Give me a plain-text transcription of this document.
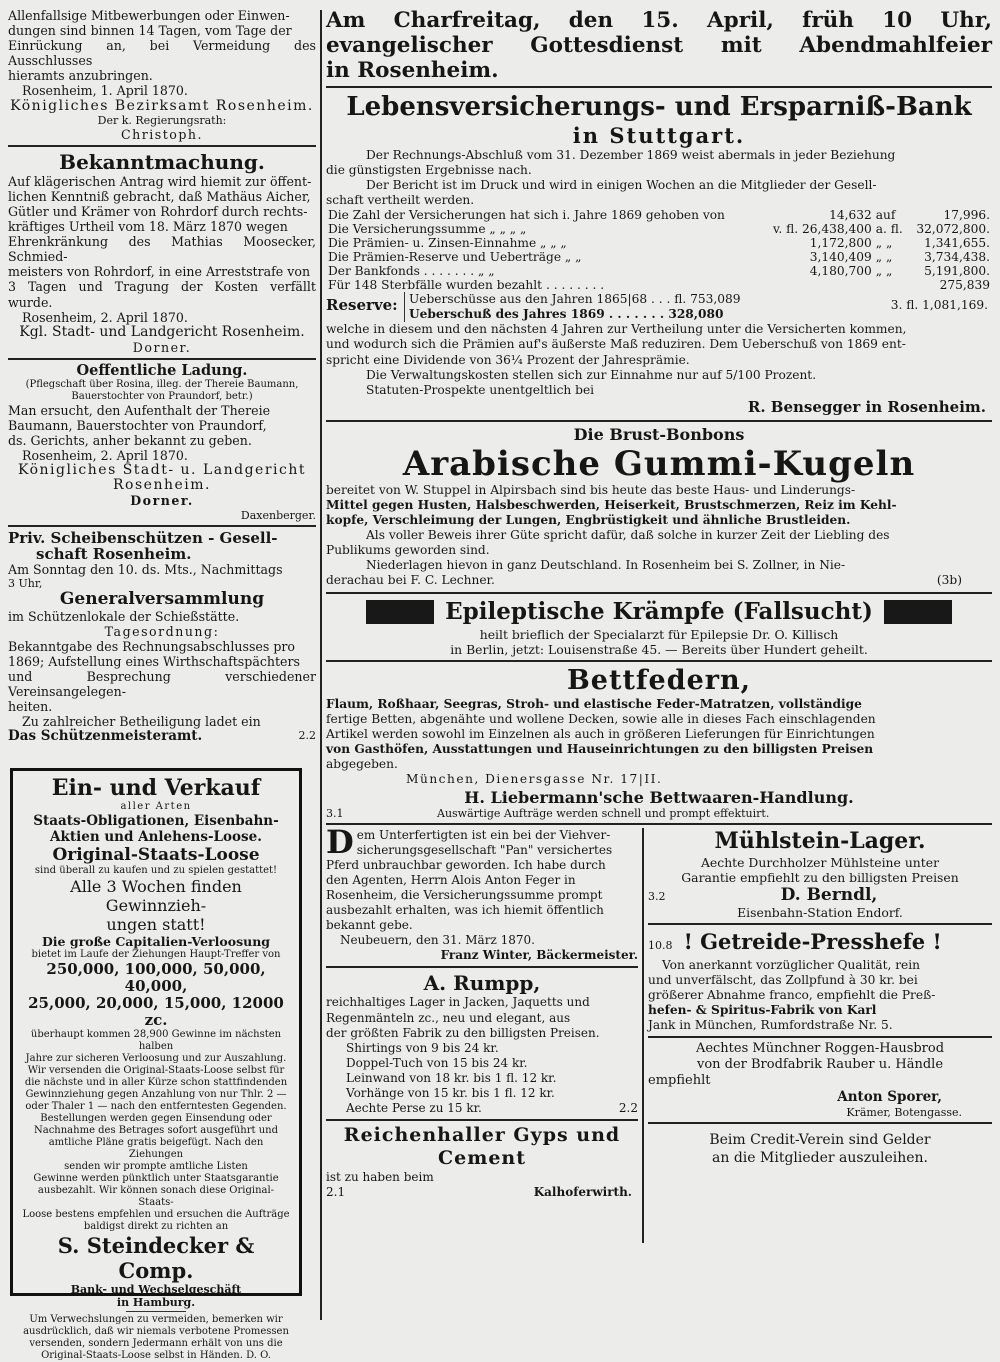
Allenfallsige Mitbewerbungen oder Einwen-

dungen sind binnen 14 Tagen, vom Tage der

Einrückung an, bei Vermeidung des Ausschlusses

hieramts anzubringen.

Rosenheim, 1. April 1870.

Königliches Bezirksamt Rosenheim.

Der k. Regierungsrath:

Christoph.

Bekanntmachung.

Auf klägerischen Antrag wird hiemit zur öffent-

lichen Kenntniß gebracht, daß Mathäus Aicher,

Gütler und Krämer von Rohrdorf durch rechts-

kräftiges Urtheil vom 18. März 1870 wegen

Ehrenkränkung des Mathias Moosecker, Schmied-

meisters von Rohrdorf, in eine Arreststrafe von

3 Tagen und Tragung der Kosten verfällt wurde.

Rosenheim, 2. April 1870.

Kgl. Stadt- und Landgericht Rosenheim.

Dorner.

Oeffentliche Ladung.

(Pflegschaft über Rosina, illeg. der Thereie Baumann,

Bauerstochter von Praundorf, betr.)

Man ersucht, den Aufenthalt der Thereie

Baumann, Bauerstochter von Praundorf,

ds. Gerichts, anher bekannt zu geben.

Rosenheim, 2. April 1870.

Königliches Stadt- u. Landgericht

Rosenheim.

Dorner.

Daxenberger.

Priv. Scheibenschützen - Gesell-

schaft Rosenheim.

Am Sonntag den 10. ds. Mts., Nachmittags

3 Uhr,

Generalversammlung

im Schützenlokale der Schießstätte.

Tagesordnung:

Bekanntgabe des Rechnungsabschlusses pro

1869; Aufstellung eines Wirthschaftspächters

und Besprechung verschiedener Vereinsangelegen-

heiten.

Zu zahlreicher Betheiligung ladet ein

Das Schützenmeisteramt.	2.2

Ein- und Verkauf

aller Arten

Staats-Obligationen, Eisenbahn-

Aktien und Anlehens-Loose.

Original-Staats-Loose

sind überall zu kaufen und zu spielen gestattet!

Alle 3 Wochen finden Gewinnzieh-

ungen statt!

Die große Capitalien-Verloosung

bietet im Laufe der Ziehungen Haupt-Treffer von

250,000, 100,000, 50,000, 40,000,

25,000, 20,000, 15,000, 12000 zc.

überhaupt kommen 28,900 Gewinne im nächsten halben

Jahre zur sicheren Verloosung und zur Auszahlung.

Wir versenden die Original-Staats-Loose selbst für

die nächste und in aller Kürze schon stattfindenden

Gewinnziehung gegen Anzahlung von nur Thlr. 2 —

oder Thaler 1 — nach den entferntesten Gegenden.

Bestellungen werden gegen Einsendung oder

Nachnahme des Betrages sofort ausgeführt und

amtliche Pläne gratis beigefügt. Nach den Ziehungen

senden wir prompte amtliche Listen

Gewinne werden pünktlich unter Staatsgarantie

ausbezahlt. Wir können sonach diese Original-Staats-

Loose bestens empfehlen und ersuchen die Aufträge

baldigst direkt zu richten an

S. Steindecker & Comp.

Bank- und Wechselgeschäft

in Hamburg.

Um Verwechslungen zu vermeiden, bemerken wir

ausdrücklich, daß wir niemals verbotene Promessen

versenden, sondern Jedermann erhält von uns die

Original-Staats-Loose selbst in Händen. D. O.

Am Charfreitag, den 15. April, früh 10 Uhr,

evangelischer Gottesdienst mit Abendmahlfeier

in Rosenheim.

Lebensversicherungs- und Ersparniß-Bank

in Stuttgart.

Der Rechnungs-Abschluß vom 31. Dezember 1869 weist abermals in jeder Beziehung

die günstigsten Ergebnisse nach.

Der Bericht ist im Druck und wird in einigen Wochen an die Mitglieder der Gesell-

schaft vertheilt werden.

Die Zahl der Versicherungen hat sich i. Jahre 1869 gehoben von	14,632	auf	17,996.
Die Versicherungssumme „ „ „ „	v. fl. 26,438,400	a. fl.	32,072,800.
Die Prämien- u. Zinsen-Einnahme „ „ „	1,172,800	„ „	1,341,655.
Die Prämien-Reserve und Ueberträge „ „	3,140,409	„ „	3,734,438.
Der Bankfonds . . . . . . . „ „	4,180,700	„ „	5,191,800.
Für 148 Sterbfälle wurden bezahlt . . . . . . . .			275,839
Reserve: Ueberschüsse aus den Jahren 1865|68 . . . fl. 753,089
Ueberschuß des Jahres 1869 . . . . . . . 328,080
3. fl. 1,081,169.

welche in diesem und den nächsten 4 Jahren zur Vertheilung unter die Versicherten kommen,

und wodurch sich die Prämien auf's äußerste Maß reduziren. Dem Ueberschuß von 1869 ent-

spricht eine Dividende von 36¼ Prozent der Jahresprämie.

Die Verwaltungskosten stellen sich zur Einnahme nur auf 5/100 Prozent.

Statuten-Prospekte unentgeltlich bei

R. Bensegger in Rosenheim.

Die Brust-Bonbons

Arabische Gummi-Kugeln

bereitet von W. Stuppel in Alpirsbach sind bis heute das beste Haus- und Linderungs-

Mittel gegen Husten, Halsbeschwerden, Heiserkeit, Brustschmerzen, Reiz im Kehl-

kopfe, Verschleimung der Lungen, Engbrüstigkeit und ähnliche Brustleiden.

Als voller Beweis ihrer Güte spricht dafür, daß solche in kurzer Zeit der Liebling des

Publikums geworden sind.

Niederlagen hievon in ganz Deutschland. In Rosenheim bei S. Zollner, in Nie-

derachau bei F. C. Lechner.	(3b)

Epileptische Krämpfe (Fallsucht)

heilt brieflich der Specialarzt für Epilepsie Dr. O. Killisch

in Berlin, jetzt: Louisenstraße 45. — Bereits über Hundert geheilt.

Bettfedern,

Flaum, Roßhaar, Seegras, Stroh- und elastische Feder-Matratzen, vollständige

fertige Betten, abgenähte und wollene Decken, sowie alle in dieses Fach einschlagenden

Artikel werden sowohl im Einzelnen als auch in größeren Lieferungen für Einrichtungen

von Gasthöfen, Ausstattungen und Hauseinrichtungen zu den billigsten Preisen

abgegeben.

München, Dienersgasse Nr. 17|II.

H. Liebermann'sche Bettwaaren-Handlung.

3.1	Auswärtige Aufträge werden schnell und prompt effektuirt.

D em Unterfertigten ist ein bei der Viehver-

sicherungsgesellschaft "Pan" versichertes

Pferd unbrauchbar geworden. Ich habe durch

den Agenten, Herrn Alois Anton Feger in

Rosenheim, die Versicherungssumme prompt

ausbezahlt erhalten, was ich hiemit öffentlich

bekannt gebe.

Neubeuern, den 31. März 1870.

Franz Winter, Bäckermeister.

A. Rumpp,

reichhaltiges Lager in Jacken, Jaquetts und

Regenmänteln zc., neu und elegant, aus

der größten Fabrik zu den billigsten Preisen.

Shirtings von 9 bis 24 kr.

Doppel-Tuch von 15 bis 24 kr.

Leinwand von 18 kr. bis 1 fl. 12 kr.

Vorhänge von 15 kr. bis 1 fl. 12 kr.

Aechte Perse zu 15 kr.	2.2

Reichenhaller Gyps und

Cement

ist zu haben beim

2.1	Kalhoferwirth.

Mühlstein-Lager.

Aechte Durchholzer Mühlsteine unter

Garantie empfiehlt zu den billigsten Preisen

3.2	D. Berndl,

Eisenbahn-Station Endorf.

10.8 ! Getreide-Presshefe !

Von anerkannt vorzüglicher Qualität, rein

und unverfälscht, das Zollpfund à 30 kr. bei

größerer Abnahme franco, empfiehlt die Preß-

hefen- & Spiritus-Fabrik von Karl

Jank in München, Rumfordstraße Nr. 5.

Aechtes Münchner Roggen-Hausbrod

von der Brodfabrik Rauber u. Händle

empfiehlt

Anton Sporer,

Krämer, Botengasse.

Beim Credit-Verein sind Gelder

an die Mitglieder auszuleihen.
